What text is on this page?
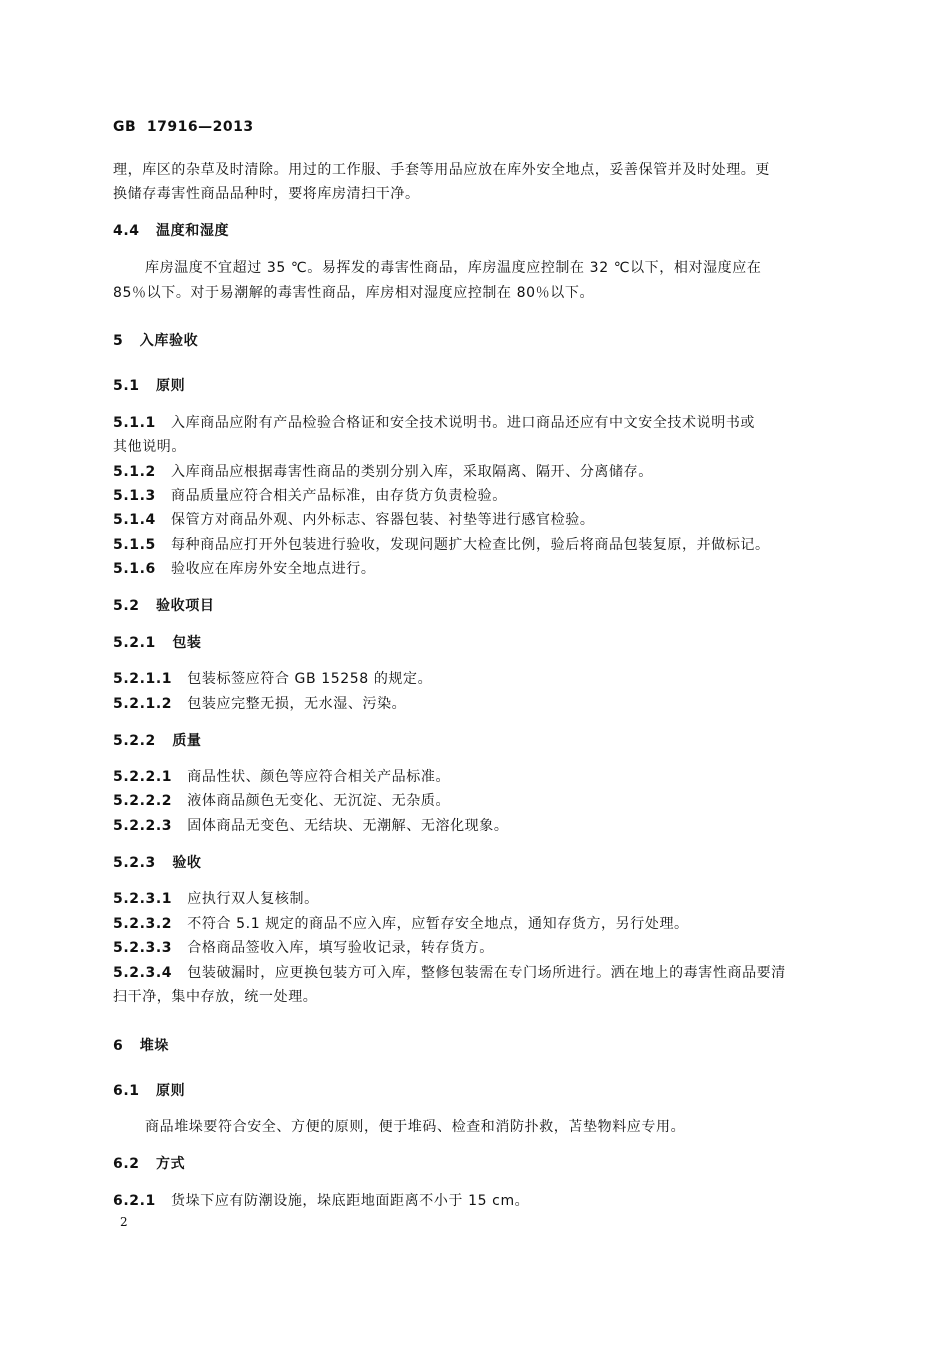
GB 17916—2013
理，库区的杂草及时清除。用过的工作服、手套等用品应放在库外安全地点，妥善保管并及时处理。更
换储存毒害性商品品种时，要将库房清扫干净。
4.4 温度和湿度
库房温度不宜超过 35 ℃。易挥发的毒害性商品，库房温度应控制在 32 ℃以下，相对湿度应在
85％以下。对于易潮解的毒害性商品，库房相对湿度应控制在 80％以下。
5 入库验收
5.1 原则
5.1.1 入库商品应附有产品检验合格证和安全技术说明书。进口商品还应有中文安全技术说明书或
其他说明。
5.1.2 入库商品应根据毒害性商品的类别分别入库，采取隔离、隔开、分离储存。
5.1.3 商品质量应符合相关产品标准，由存货方负责检验。
5.1.4 保管方对商品外观、内外标志、容器包装、衬垫等进行感官检验。
5.1.5 每种商品应打开外包装进行验收，发现问题扩大检查比例，验后将商品包装复原，并做标记。
5.1.6 验收应在库房外安全地点进行。
5.2 验收项目
5.2.1 包装
5.2.1.1 包装标签应符合 GB 15258 的规定。
5.2.1.2 包装应完整无损，无水湿、污染。
5.2.2 质量
5.2.2.1 商品性状、颜色等应符合相关产品标准。
5.2.2.2 液体商品颜色无变化、无沉淀、无杂质。
5.2.2.3 固体商品无变色、无结块、无潮解、无溶化现象。
5.2.3 验收
5.2.3.1 应执行双人复核制。
5.2.3.2 不符合 5.1 规定的商品不应入库，应暂存安全地点，通知存货方，另行处理。
5.2.3.3 合格商品签收入库，填写验收记录，转存货方。
5.2.3.4 包装破漏时，应更换包装方可入库，整修包装需在专门场所进行。洒在地上的毒害性商品要清
扫干净，集中存放，统一处理。
6 堆垛
6.1 原则
商品堆垛要符合安全、方便的原则，便于堆码、检查和消防扑救，苫垫物料应专用。
6.2 方式
6.2.1 货垛下应有防潮设施，垛底距地面距离不小于 15 cm。
2
